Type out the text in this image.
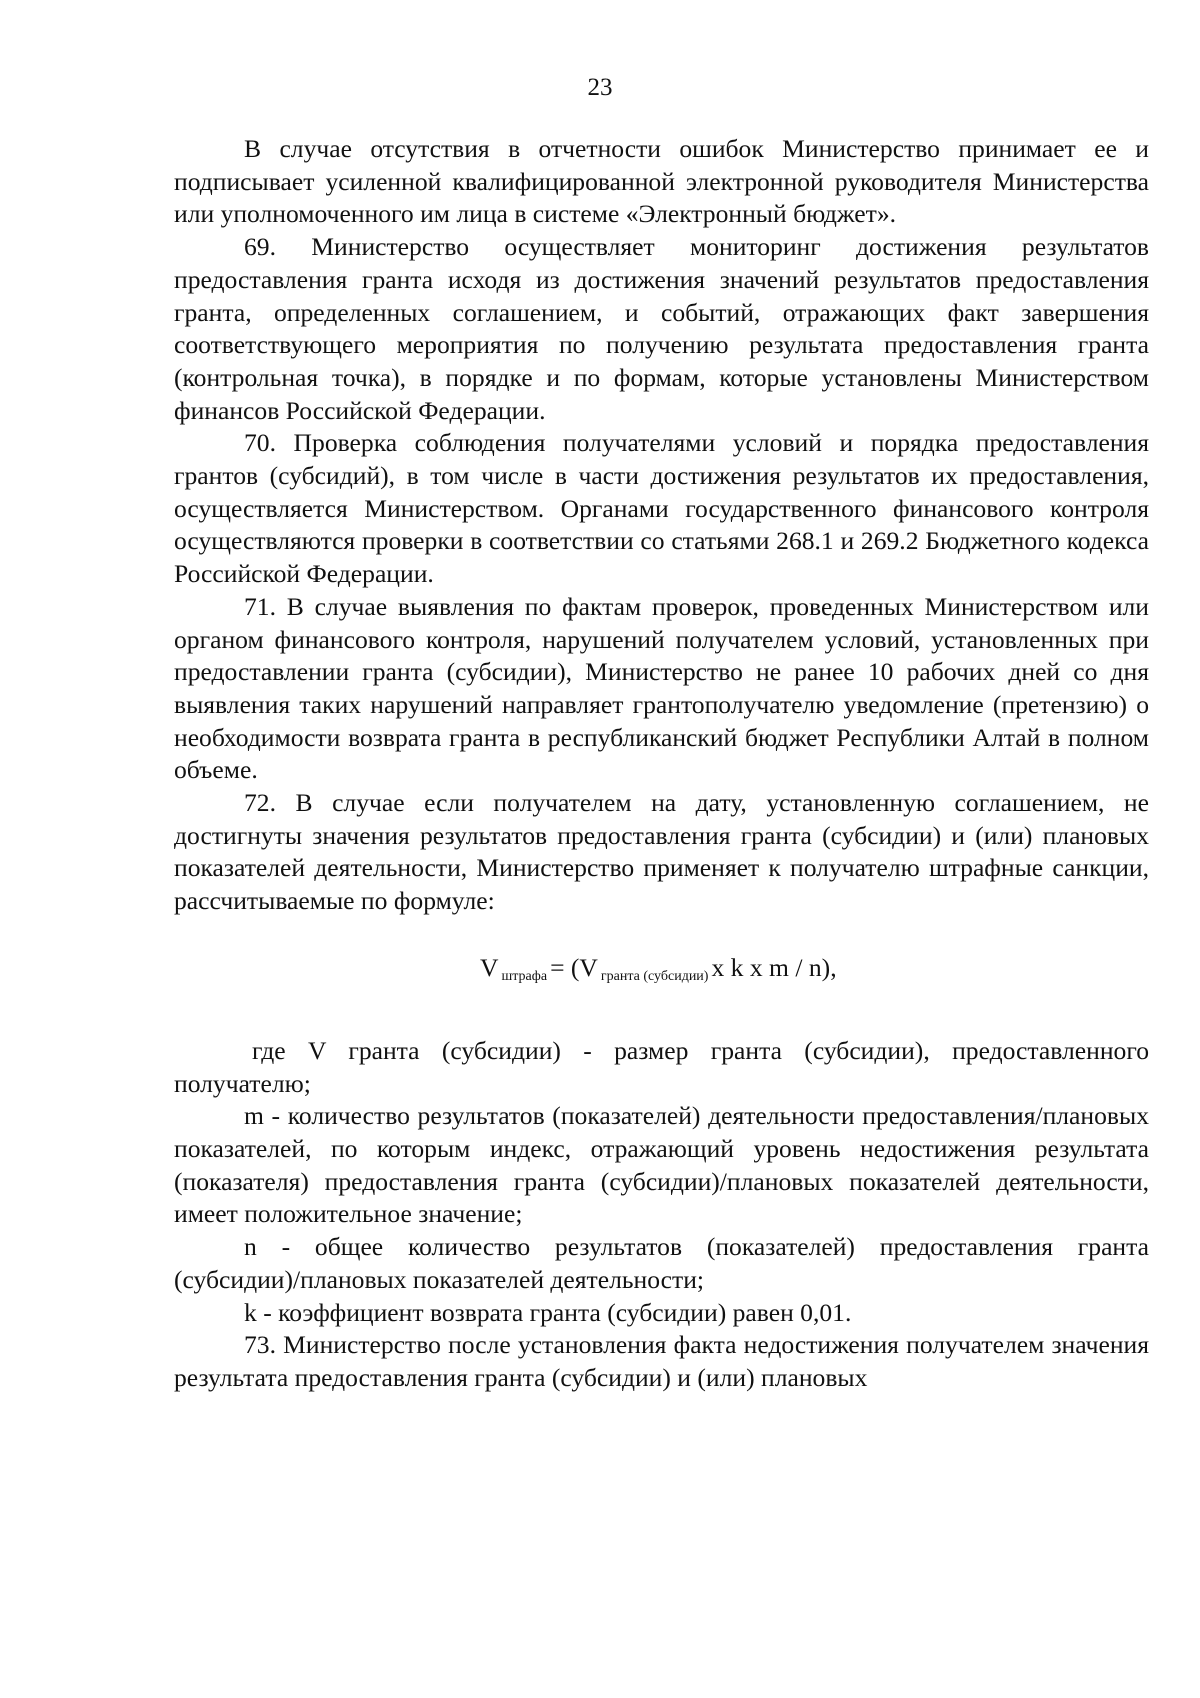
23

В случае отсутствия в отчетности ошибок Министерство принимает ее и подписывает усиленной квалифицированной электронной руководителя Министерства или уполномоченного им лица в системе «Электронный бюджет».

69. Министерство осуществляет мониторинг достижения результатов предоставления гранта исходя из достижения значений результатов предоставления гранта, определенных соглашением, и событий, отражающих факт завершения соответствующего мероприятия по получению результата предоставления гранта (контрольная точка), в порядке и по формам, которые установлены Министерством финансов Российской Федерации.

70. Проверка соблюдения получателями условий и порядка предоставления грантов (субсидий), в том числе в части достижения результатов их предоставления, осуществляется Министерством. Органами государственного финансового контроля осуществляются проверки в соответствии со статьями 268.1 и 269.2 Бюджетного кодекса Российской Федерации.

71. В случае выявления по фактам проверок, проведенных Министерством или органом финансового контроля, нарушений получателем условий, установленных при предоставлении гранта (субсидии), Министерство не ранее 10 рабочих дней со дня выявления таких нарушений направляет грантополучателю уведомление (претензию) о необходимости возврата гранта в республиканский бюджет Республики Алтай в полном объеме.

72. В случае если получателем на дату, установленную соглашением, не достигнуты значения результатов предоставления гранта (субсидии) и (или) плановых показателей деятельности, Министерство применяет к получателю штрафные санкции, рассчитываемые по формуле:

Vштрафа = (V гранта (субсидии) x k x m / n),

где V гранта (субсидии) - размер гранта (субсидии), предоставленного получателю;

m - количество результатов (показателей) деятельности предоставления/плановых показателей, по которым индекс, отражающий уровень недостижения результата (показателя) предоставления гранта (субсидии)/плановых показателей деятельности, имеет положительное значение;

n - общее количество результатов (показателей) предоставления гранта (субсидии)/плановых показателей деятельности;

k - коэффициент возврата гранта (субсидии) равен 0,01.

73. Министерство после установления факта недостижения получателем значения результата предоставления гранта (субсидии) и (или) плановых
